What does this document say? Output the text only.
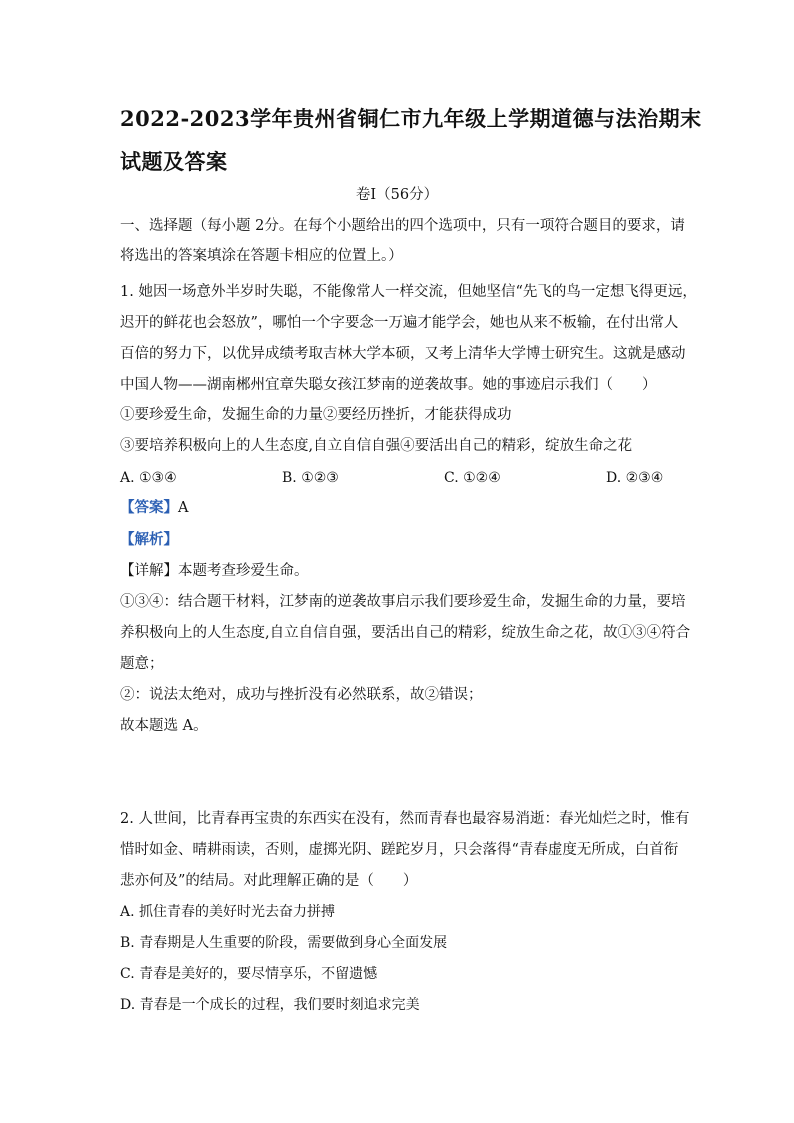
2022-2023学年贵州省铜仁市九年级上学期道德与法治期末
试题及答案
卷Ⅰ（56分）
一、选择题（每小题 2分。在每个小题给出的四个选项中，只有一项符合题目的要求，请
将选出的答案填涂在答题卡相应的位置上。）
1. 她因一场意外半岁时失聪，不能像常人一样交流，但她坚信“先飞的鸟一定想飞得更远，
迟开的鲜花也会怒放”，哪怕一个字要念一万遍才能学会，她也从来不板输，在付出常人
百倍的努力下，以优异成绩考取吉林大学本硕，又考上清华大学博士研究生。这就是感动
中国人物——湖南郴州宜章失聪女孩江梦南的逆袭故事。她的事迹启示我们（　　）
①要珍爱生命，发掘生命的力量②要经历挫折，才能获得成功
③要培养积极向上的人生态度,自立自信自强④要活出自己的精彩，绽放生命之花
A. ①③④	B. ①②③	C. ①②④	D. ②③④
【答案】A
【解析】
【详解】本题考查珍爱生命。
①③④：结合题干材料，江梦南的逆袭故事启示我们要珍爱生命，发掘生命的力量，要培
养积极向上的人生态度,自立自信自强，要活出自己的精彩，绽放生命之花，故①③④符合
题意；
②：说法太绝对，成功与挫折没有必然联系，故②错误；
故本题选 A。
2. 人世间，比青春再宝贵的东西实在没有，然而青春也最容易消逝：春光灿烂之时，惟有
惜时如金、晴耕雨读，否则，虚掷光阴、蹉跎岁月，只会落得“青春虚度无所成，白首衔
悲亦何及”的结局。对此理解正确的是（　　）
A. 抓住青春的美好时光去奋力拼搏
B. 青春期是人生重要的阶段，需要做到身心全面发展
C. 青春是美好的，要尽情享乐，不留遗憾
D. 青春是一个成长的过程，我们要时刻追求完美
